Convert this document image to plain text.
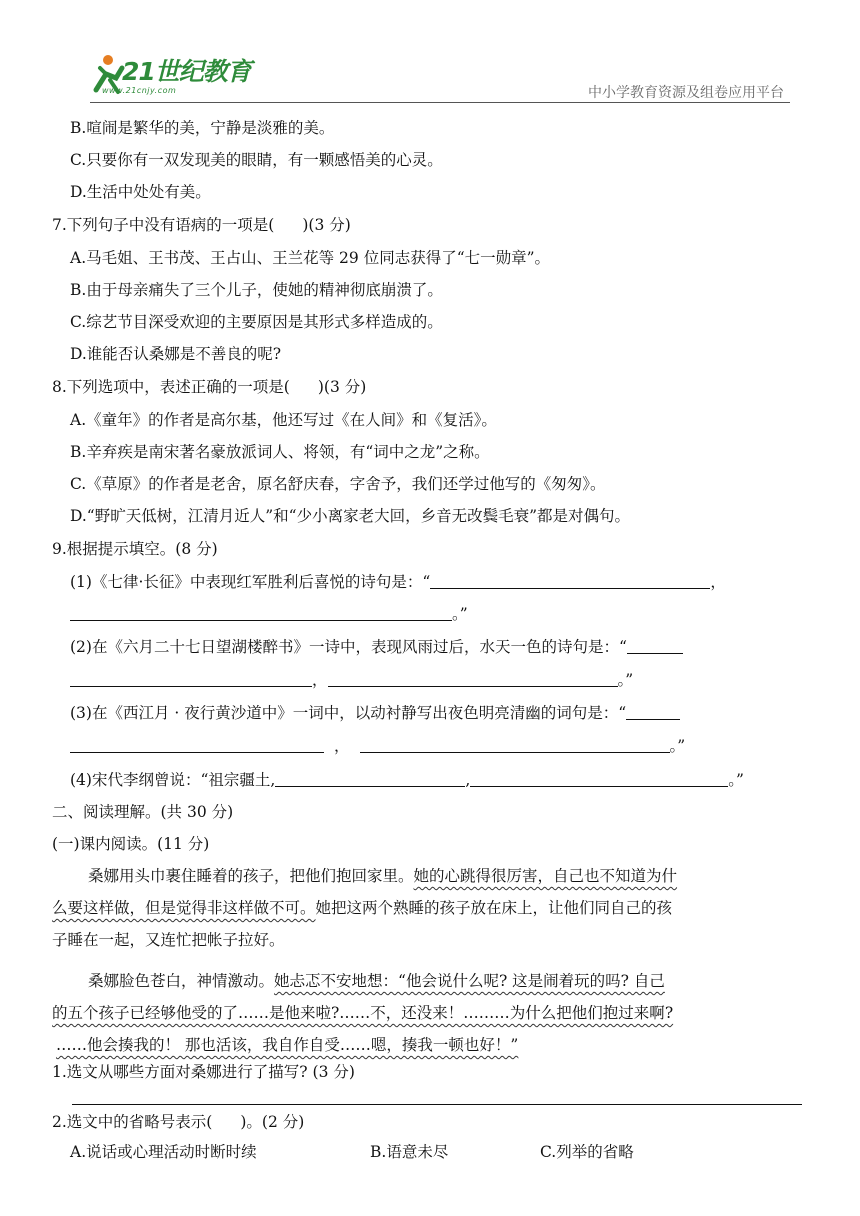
21世纪教育
www.21cnjy.com	中小学教育资源及组卷应用平台
B.喧闹是繁华的美，宁静是淡雅的美。
C.只要你有一双发现美的眼睛，有一颗感悟美的心灵。
D.生活中处处有美。
7.下列句子中没有语病的一项是( )(3 分)
A.马毛姐、王书茂、王占山、王兰花等 29 位同志获得了“七一勋章”。
B.由于母亲痛失了三个儿子，使她的精神彻底崩溃了。
C.综艺节目深受欢迎的主要原因是其形式多样造成的。
D.谁能否认桑娜是不善良的呢?
8.下列选项中，表述正确的一项是( )(3 分)
A.《童年》的作者是高尔基，他还写过《在人间》和《复活》。
B.辛弃疾是南宋著名豪放派词人、将领，有“词中之龙”之称。
C.《草原》的作者是老舍，原名舒庆春，字舍予，我们还学过他写的《匆匆》。
D.“野旷天低树，江清月近人”和“少小离家老大回，乡音无改鬓毛衰”都是对偶句。
9.根据提示填空。(8 分)
(1)《七律·长征》中表现红军胜利后喜悦的诗句是：“	，
。”
(2)在《六月二十七日望湖楼醉书》一诗中，表现风雨过后，水天一色的诗句是：“
，	。”
(3)在《西江月 · 夜行黄沙道中》一词中，以动衬静写出夜色明亮清幽的词句是：“
，	。”
(4)宋代李纲曾说：“祖宗疆土,	,	。”
二、阅读理解。(共 30 分)
(一)课内阅读。(11 分)
桑娜用头巾裹住睡着的孩子，把他们抱回家里。她的心跳得很厉害，自己也不知道为什
么要这样做，但是觉得非这样做不可。她把这两个熟睡的孩子放在床上，让他们同自己的孩
子睡在一起，又连忙把帐子拉好。
桑娜脸色苍白，神情激动。她忐忑不安地想：“他会说什么呢? 这是闹着玩的吗? 自己
的五个孩子已经够他受的了……是他来啦?……不，还没来！………为什么把他们抱过来啊?
……他会揍我的！ 那也活该，我自作自受……嗯，揍我一顿也好！”
1.选文从哪些方面对桑娜进行了描写? (3 分)
2.选文中的省略号表示( )。(2 分)
A.说话或心理活动时断时续	B.语意未尽	C.列举的省略
